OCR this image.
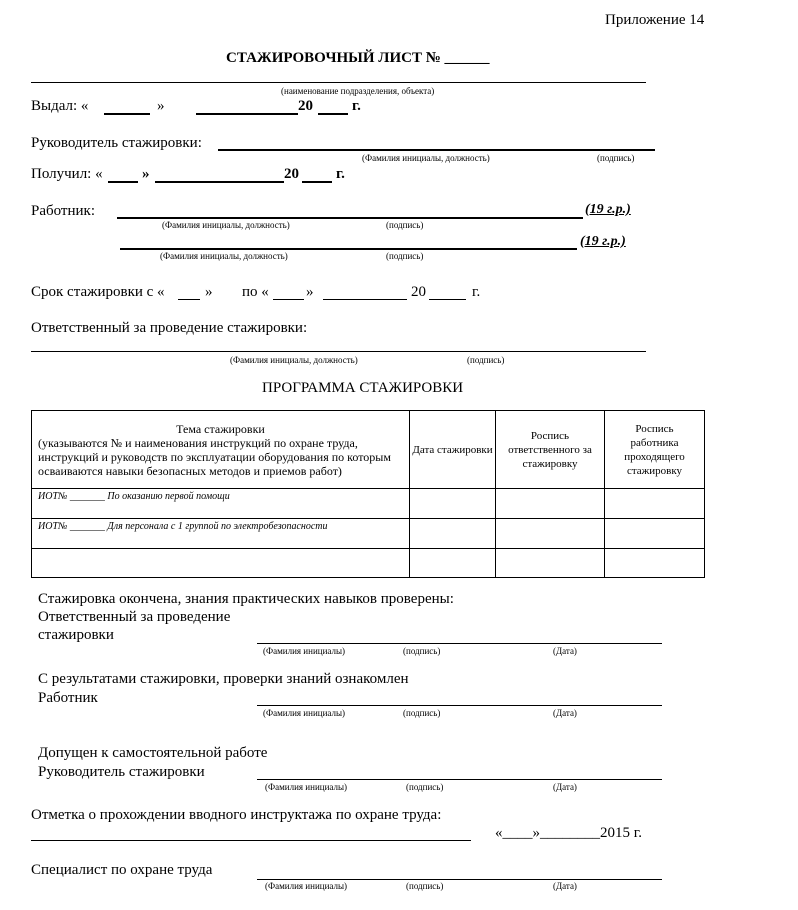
Приложение 14
СТАЖИРОВОЧНЫЙ ЛИСТ № ______
(наименование подразделения, объекта)
Выдал: «	»	20	г.
Руководитель стажировки:
(Фамилия инициалы, должность)	(подпись)
Получил: «	»	20 г.
Работник:	(19 г.р.)
(Фамилия инициалы, должность)	(подпись)
(19 г.р.)
(Фамилия инициалы, должность)	(подпись)
Срок стажировки с «	» по « »	20	г.
Ответственный за проведение стажировки:
(Фамилия инициалы, должность)	(подпись)
ПРОГРАММА СТАЖИРОВКИ
Тема стажировки
(указываются № и наименования инструкций по охране труда, инструкций и руководств по эксплуатации оборудования по которым осваиваются навыки безопасных методов и приемов работ)	Дата стажировки	Роспись ответственного за стажировку	Роспись работника проходящего стажировку
ИОТ№ _______ По оказанию первой помощи			
ИОТ№ _______ Для персонала с 1 группой по электробезопасности			

Стажировка окончена, знания практических навыков проверены:
Ответственный за проведение
стажировки
(Фамилия инициалы)	(подпись)	(Дата)
С результатами стажировки, проверки знаний ознакомлен
Работник
(Фамилия инициалы)	(подпись)	(Дата)
Допущен к самостоятельной работе
Руководитель стажировки
(Фамилия инициалы)	(подпись)	(Дата)
Отметка о прохождении вводного инструктажа по охране труда:
«____»________2015 г.
Специалист по охране труда
(Фамилия инициалы)	(подпись)	(Дата)
